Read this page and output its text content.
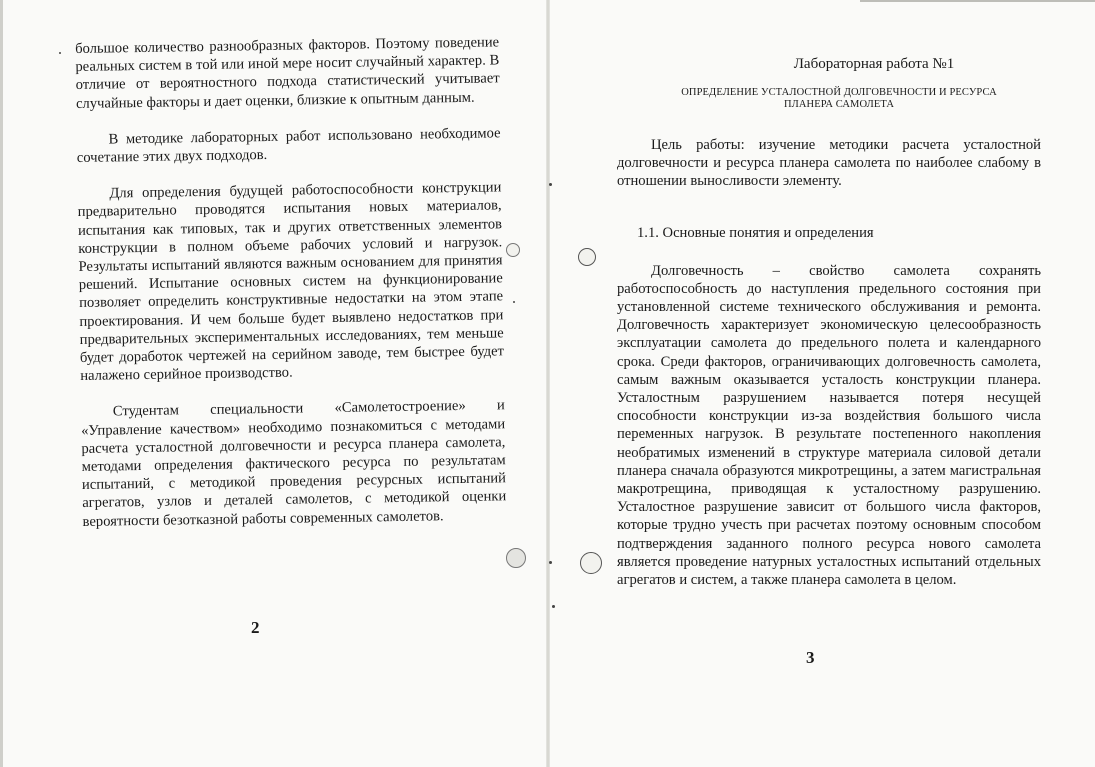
большое количество разнообразных факторов. Поэтому поведение реальных систем в той или иной мере носит случайный характер. В отличие от вероятностного подхода статистический учитывает случайные факторы и дает оценки, близкие к опытным данным.

В методике лабораторных работ использовано необходимое сочетание этих двух подходов.

Для определения будущей работоспособности конструкции предварительно проводятся испытания новых материалов, испытания как типовых, так и других ответственных элементов конструкции в полном объеме рабочих условий и нагрузок. Результаты испытаний являются важным основанием для принятия решений. Испытание основных систем на функционирование позволяет определить конструктивные недостатки на этом этапе проектирования. И чем больше будет выявлено недостатков при предварительных экспериментальных исследованиях, тем меньше будет доработок чертежей на серийном заводе, тем быстрее будет налажено серийное производство.

Студентам специальности «Самолетостроение» и «Управление качеством» необходимо познакомиться с методами расчета усталостной долговечности и ресурса планера самолета, методами определения фактического ресурса по результатам испытаний, с методикой проведения ресурсных испытаний агрегатов, узлов и деталей самолетов, с методикой оценки вероятности безотказной работы современных самолетов.

2
Лабораторная работа №1
ОПРЕДЕЛЕНИЕ УСТАЛОСТНОЙ ДОЛГОВЕЧНОСТИ И РЕСУРСА
ПЛАНЕРА САМОЛЕТА

Цель работы: изучение методики расчета усталостной долговечности и ресурса планера самолета по наиболее слабому в отношении выносливости элементу.

1.1. Основные понятия и определения

Долговечность – свойство самолета сохранять работоспособность до наступления предельного состояния при установленной системе технического обслуживания и ремонта. Долговечность характеризует экономическую целесообразность эксплуатации самолета до предельного полета и календарного срока. Среди факторов, ограничивающих долговечность самолета, самым важным оказывается усталость конструкции планера. Усталостным разрушением называется потеря несущей способности конструкции из-за воздействия большого числа переменных нагрузок. В результате постепенного накопления необратимых изменений в структуре материала силовой детали планера сначала образуются микротрещины, а затем магистральная макротрещина, приводящая к усталостному разрушению. Усталостное разрушение зависит от большого числа факторов, которые трудно учесть при расчетах поэтому основным способом подтверждения заданного полного ресурса нового самолета является проведение натурных усталостных испытаний отдельных агрегатов и систем, а также планера самолета в целом.

3
